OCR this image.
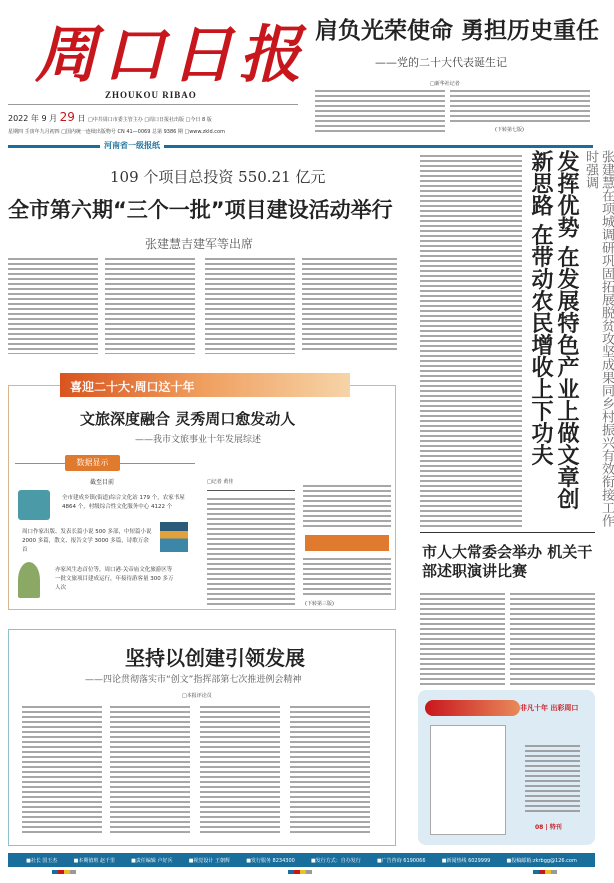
周口日报
ZHOUKOU RIBAO
2022 年 9 月 29 日 □中共周口市委主管主办 □周口日报社出版 □今日 8 版
星期四 壬寅年九月初四 □国内统一连续出版物号 CN 41—0069 总第 9386 期 □www.zkld.com
河南省一级报纸
肩负光荣使命 勇担历史重任
——党的二十大代表诞生记
□新华社记者
(下转第七版)
109 个项目总投资 550.21 亿元
全市第六期“三个一批”项目建设活动举行
张建慧吉建军等出席	发挥优势 在发展特色产业上做文章创新思路 在带动农民增收上下功夫	张建慧在项城调研巩固拓展脱贫攻坚成果同乡村振兴有效衔接工作时强调
市人大常委会举办 机关干部述职演讲比赛
喜迎二十大·周口这十年
文旅深度融合 灵秀周口愈发动人
——我市文旅事业十年发展综述
数据显示
截至目前
全市建成乡镇(街道)综合文化站 179 个，农家书屋 4864 个，村级综合性文化服务中心 4122 个
周口作家出版、发表长篇小说 500 多部，中短篇小说 2000 多篇，散文、报告文学 3000 多篇，诗歌万余首
亦家风生态首位等，周口港·关帝庙文化旅游区等一批文旅项目建成运行，年接待游客量 300 多万人次
□记者 黄佳
(下转第三版)
坚持以创建引领发展
——四论贯彻落实市“创文”指挥部第七次推进例会精神
□本报评论员
非凡十年 出彩周口
08 | 特刊
■社长 国玉杰	■本期值班 赵千里	■责任编辑 卢好兵	■视觉设计 王朝辉	■发行服务 8234300	■发行方式：自办发行	■广告咨询 6190066	■新闻热线 6029999	■投稿邮箱:zkrbgg@126.com
